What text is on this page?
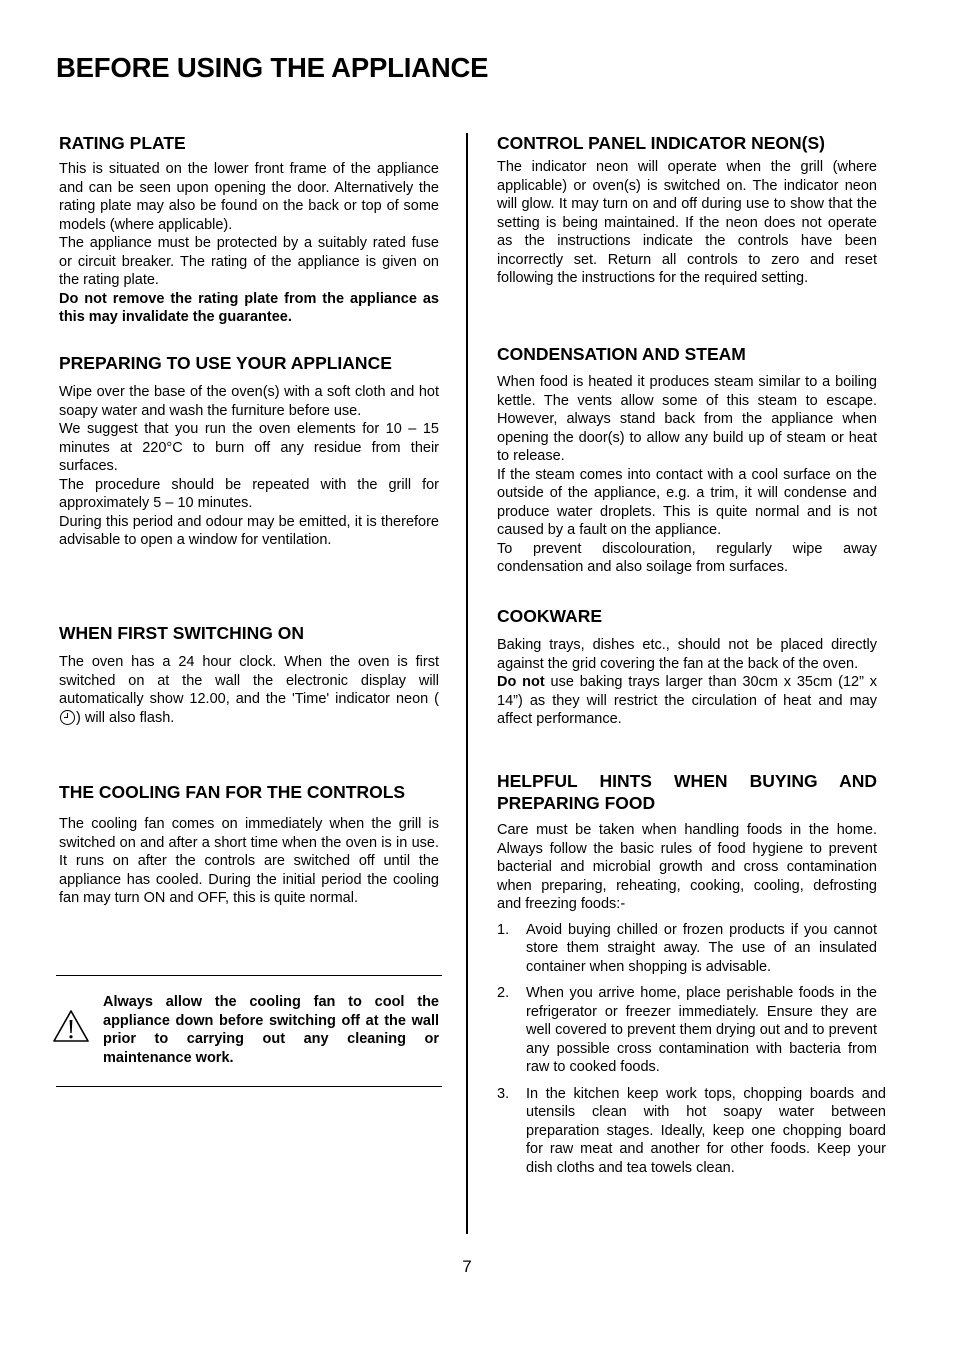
BEFORE USING THE APPLIANCE
RATING PLATE

This is situated on the lower front frame of the appliance and can be seen upon opening the door. Alternatively the rating plate may also be found on the back or top of some models (where applicable).

The appliance must be protected by a suitably rated fuse or circuit breaker. The rating of the appliance is given on the rating plate.

Do not remove the rating plate from the appliance as this may invalidate the guarantee.

PREPARING TO USE YOUR APPLIANCE

Wipe over the base of the oven(s) with a soft cloth and hot soapy water and wash the furniture before use.

We suggest that you run the oven elements for 10 – 15 minutes at 220°C to burn off any residue from their surfaces.

The procedure should be repeated with the grill for approximately 5 – 10 minutes.

During this period and odour may be emitted, it is therefore advisable to open a window for ventilation.

WHEN FIRST SWITCHING ON

The oven has a 24 hour clock. When the oven is first switched on at the wall the electronic display will automatically show 12.00, and the 'Time' indicator neon () will also flash.

THE COOLING FAN FOR THE CONTROLS

The cooling fan comes on immediately when the grill is switched on and after a short time when the oven is in use. It runs on after the controls are switched off until the appliance has cooled. During the initial period the cooling fan may turn ON and OFF, this is quite normal.

Always allow the cooling fan to cool the appliance down before switching off at the wall prior to carrying out any cleaning or maintenance work.

CONTROL PANEL INDICATOR NEON(S)

The indicator neon will operate when the grill (where applicable) or oven(s) is switched on. The indicator neon will glow. It may turn on and off during use to show that the setting is being maintained. If the neon does not operate as the instructions indicate the controls have been incorrectly set. Return all controls to zero and reset following the instructions for the required setting.

CONDENSATION AND STEAM

When food is heated it produces steam similar to a boiling kettle. The vents allow some of this steam to escape. However, always stand back from the appliance when opening the door(s) to allow any build up of steam or heat to release.

If the steam comes into contact with a cool surface on the outside of the appliance, e.g. a trim, it will condense and produce water droplets. This is quite normal and is not caused by a fault on the appliance.

To prevent discolouration, regularly wipe away condensation and also soilage from surfaces.

COOKWARE

Baking trays, dishes etc., should not be placed directly against the grid covering the fan at the back of the oven.

Do not use baking trays larger than 30cm x 35cm (12” x 14”) as they will restrict the circulation of heat and may affect performance.

HELPFUL HINTS WHEN BUYING AND PREPARING FOOD

Care must be taken when handling foods in the home. Always follow the basic rules of food hygiene to prevent bacterial and microbial growth and cross contamination when preparing, reheating, cooking, cooling, defrosting and freezing foods:-

1. Avoid buying chilled or frozen products if you cannot store them straight away. The use of an insulated container when shopping is advisable.
2. When you arrive home, place perishable foods in the refrigerator or freezer immediately. Ensure they are well covered to prevent them drying out and to prevent any possible cross contamination with bacteria from raw to cooked foods.
3. In the kitchen keep work tops, chopping boards and utensils clean with hot soapy water between preparation stages. Ideally, keep one chopping board for raw meat and another for other foods. Keep your dish cloths and tea towels clean.
7
